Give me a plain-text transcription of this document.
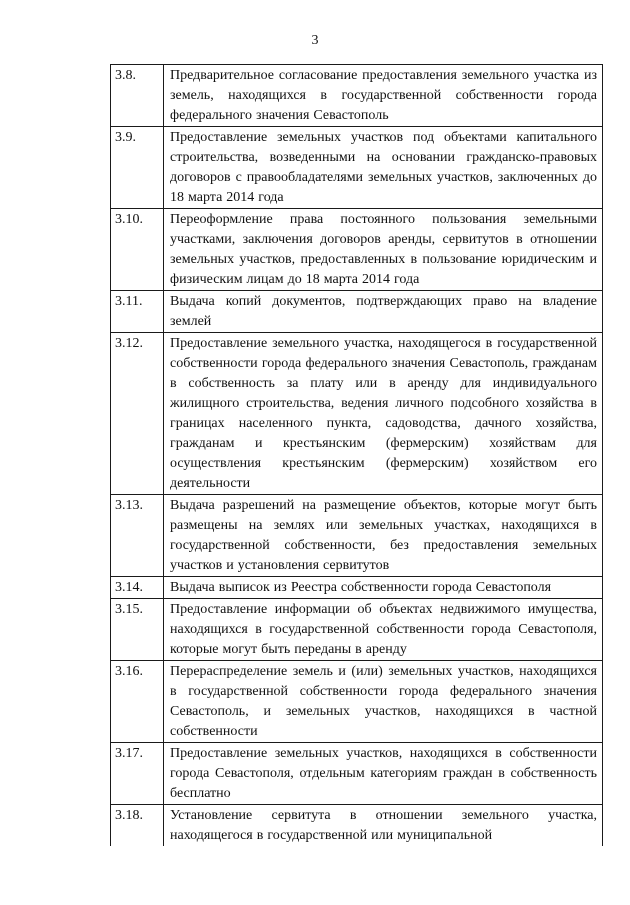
3
3.8.	Предварительное согласование предоставления земельного участка из земель, находящихся в государственной собственности города федерального значения Севастополь
3.9.	Предоставление земельных участков под объектами капитального строительства, возведенными на основании гражданско-правовых договоров с правообладателями земельных участков, заключенных до 18 марта 2014 года
3.10.	Переоформление права постоянного пользования земельными участками, заключения договоров аренды, сервитутов в отношении земельных участков, предоставленных в пользование юридическим и физическим лицам до 18 марта 2014 года
3.11.	Выдача копий документов, подтверждающих право на владение землей
3.12.	Предоставление земельного участка, находящегося в государственной собственности города федерального значения Севастополь, гражданам в собственность за плату или в аренду для индивидуального жилищного строительства, ведения личного подсобного хозяйства в границах населенного пункта, садоводства, дачного хозяйства, гражданам и крестьянским (фермерским) хозяйствам для осуществления крестьянским (фермерским) хозяйством его деятельности
3.13.	Выдача разрешений на размещение объектов, которые могут быть размещены на землях или земельных участках, находящихся в государственной собственности, без предоставления земельных участков и установления сервитутов
3.14.	Выдача выписок из Реестра собственности города Севастополя
3.15.	Предоставление информации об объектах недвижимого имущества, находящихся в государственной собственности города Севастополя, которые могут быть переданы в аренду
3.16.	Перераспределение земель и (или) земельных участков, находящихся в государственной собственности города федерального значения Севастополь, и земельных участков, находящихся в частной собственности
3.17.	Предоставление земельных участков, находящихся в собственности города Севастополя, отдельным категориям граждан в собственность бесплатно
3.18.	Установление сервитута в отношении земельного участка, находящегося в государственной или муниципальной
